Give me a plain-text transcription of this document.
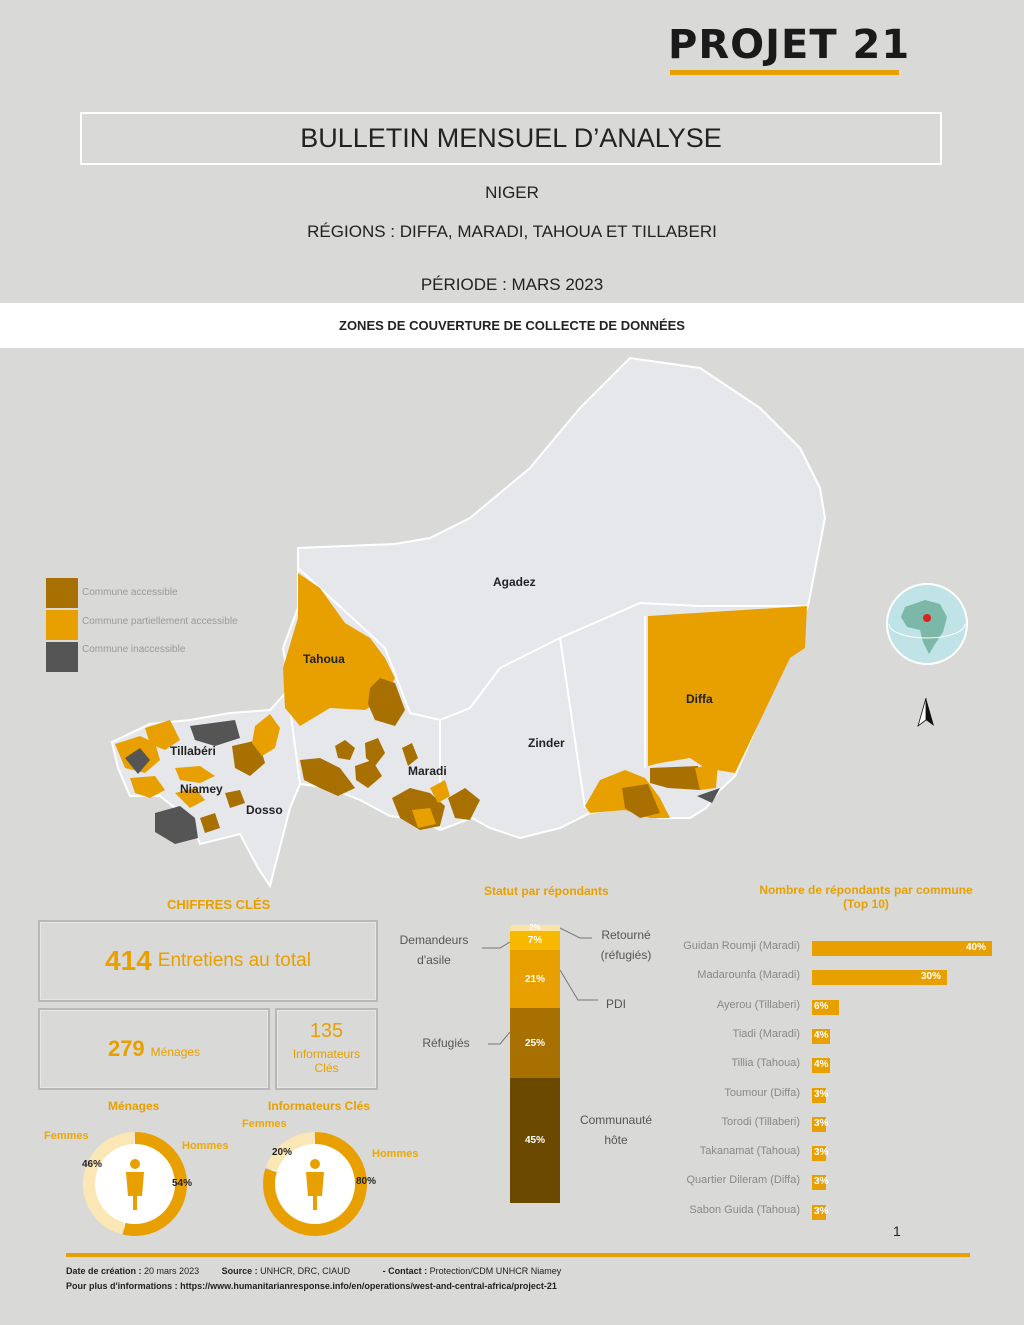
PROJET 21
BULLETIN MENSUEL D’ANALYSE
NIGER
RÉGIONS : DIFFA, MARADI, TAHOUA ET TILLABERI
PÉRIODE : MARS 2023
ZONES DE COUVERTURE DE COLLECTE DE DONNÉES
Agadez
Tahoua
Tillabéri
Niamey
Dosso
Maradi
Zinder
Diffa
Commune accessible
Commune partiellement accessible
Commune inaccessible
CHIFFRES CLÉS
414 Entretiens au total
279 Ménages
135
Informateurs
Clés
Ménages	Informateurs Clés
Femmes
Hommes
Femmes
Hommes
46%
54%
20%
80%
Statut par répondants
45%
25%
21%
7%
2%
Demandeurs
d'asile
Retourné
(réfugiés)
PDI
Réfugiés
Communauté
hôte
Nombre de répondants par commune
(Top 10)
Guidan Roumji (Maradi)	40%
Madarounfa (Maradi)	30%
Ayerou (Tillaberi) 6%
Tiadi (Maradi) 4%
Tillia (Tahoua) 4%
Toumour (Diffa) 3%
Torodi (Tillaberi) 3%
Takanamat (Tahoua) 3%
Quartier Dileram (Diffa) 3%
Sabon Guida (Tahoua) 3%
1
Date de création : 20 mars 2023	Source : UNHCR, DRC, CIAUD	- Contact : Protection/CDM UNHCR Niamey
Pour plus d'informations : https://www.humanitarianresponse.info/en/operations/west-and-central-africa/project-21
